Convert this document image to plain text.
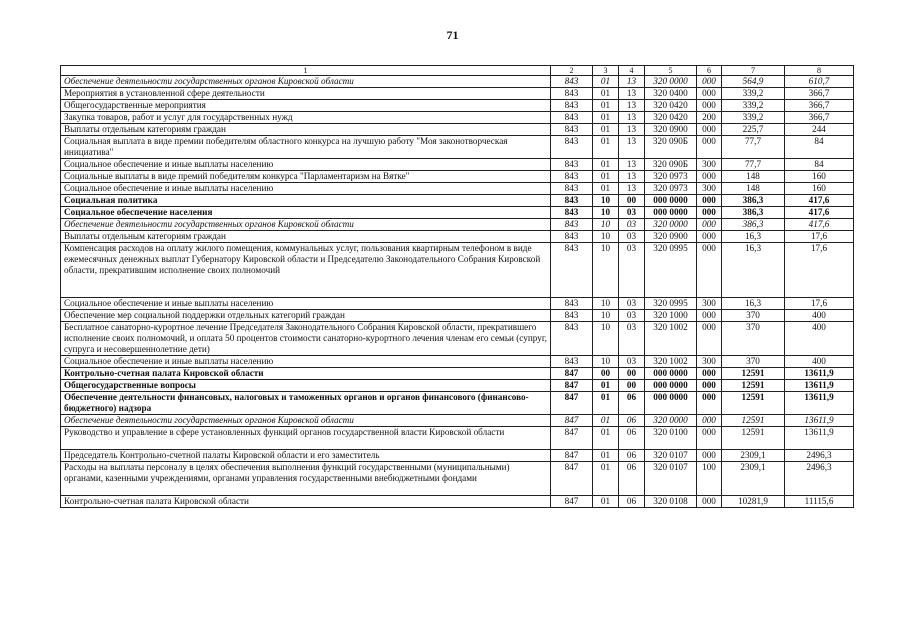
71
1	2	3	4	5	6	7	8
Обеспечение деятельности государственных органов Кировской области	843	01	13	320 0000	000	564,9	610,7
Мероприятия в установленной сфере деятельности	843	01	13	320 0400	000	339,2	366,7
Общегосударственные мероприятия	843	01	13	320 0420	000	339,2	366,7
Закупка товаров, работ и услуг для государственных нужд	843	01	13	320 0420	200	339,2	366,7
Выплаты отдельным категориям граждан	843	01	13	320 0900	000	225,7	244
Социальная выплата в виде премии победителям областного конкурса на лучшую работу "Моя законотворческая инициатива"	843	01	13	320 090Б	000	77,7	84
Социальное обеспечение и иные выплаты населению	843	01	13	320 090Б	300	77,7	84
Социальные выплаты в виде премий победителям конкурса "Парламентаризм на Вятке"	843	01	13	320 0973	000	148	160
Социальное обеспечение и иные выплаты населению	843	01	13	320 0973	300	148	160
Социальная политика	843	10	00	000 0000	000	386,3	417,6
Социальное обеспечение населения	843	10	03	000 0000	000	386,3	417,6
Обеспечение деятельности государственных органов Кировской области	843	10	03	320 0000	000	386,3	417,6
Выплаты отдельным категориям граждан	843	10	03	320 0900	000	16,3	17,6
Компенсация расходов на оплату жилого помещения, коммунальных услуг, пользования квартирным телефоном в виде ежемесячных денежных выплат Губернатору Кировской области и Председателю Законодательного Собрания Кировской области, прекратившим исполнение своих полномочий	843	10	03	320 0995	000	16,3	17,6
Социальное обеспечение и иные выплаты населению	843	10	03	320 0995	300	16,3	17,6
Обеспечение мер социальной поддержки отдельных категорий граждан	843	10	03	320 1000	000	370	400
Бесплатное санаторно-курортное лечение Председателя Законодательного Собрания Кировской области, прекратившего исполнение своих полномочий, и оплата 50 процентов стоимости санаторно-курортного лечения членам его семьи (супруг, супруга и несовершеннолетние дети)	843	10	03	320 1002	000	370	400
Социальное обеспечение и иные выплаты населению	843	10	03	320 1002	300	370	400
Контрольно-счетная палата Кировской области	847	00	00	000 0000	000	12591	13611,9
Общегосударственные вопросы	847	01	00	000 0000	000	12591	13611,9
Обеспечение деятельности финансовых, налоговых и таможенных органов и органов финансового (финансово-бюджетного) надзора	847	01	06	000 0000	000	12591	13611,9
Обеспечение деятельности государственных органов Кировской области	847	01	06	320 0000	000	12591	13611,9
Руководство и управление в сфере установленных функций органов государственной власти Кировской области	847	01	06	320 0100	000	12591	13611,9
Председатель Контрольно-счетной палаты Кировской области и его заместитель	847	01	06	320 0107	000	2309,1	2496,3
Расходы на выплаты персоналу в целях обеспечения выполнения функций государственными (муниципальными) органами, казенными учреждениями, органами управления государственными внебюджетными фондами	847	01	06	320 0107	100	2309,1	2496,3
Контрольно-счетная палата Кировской области	847	01	06	320 0108	000	10281,9	11115,6
